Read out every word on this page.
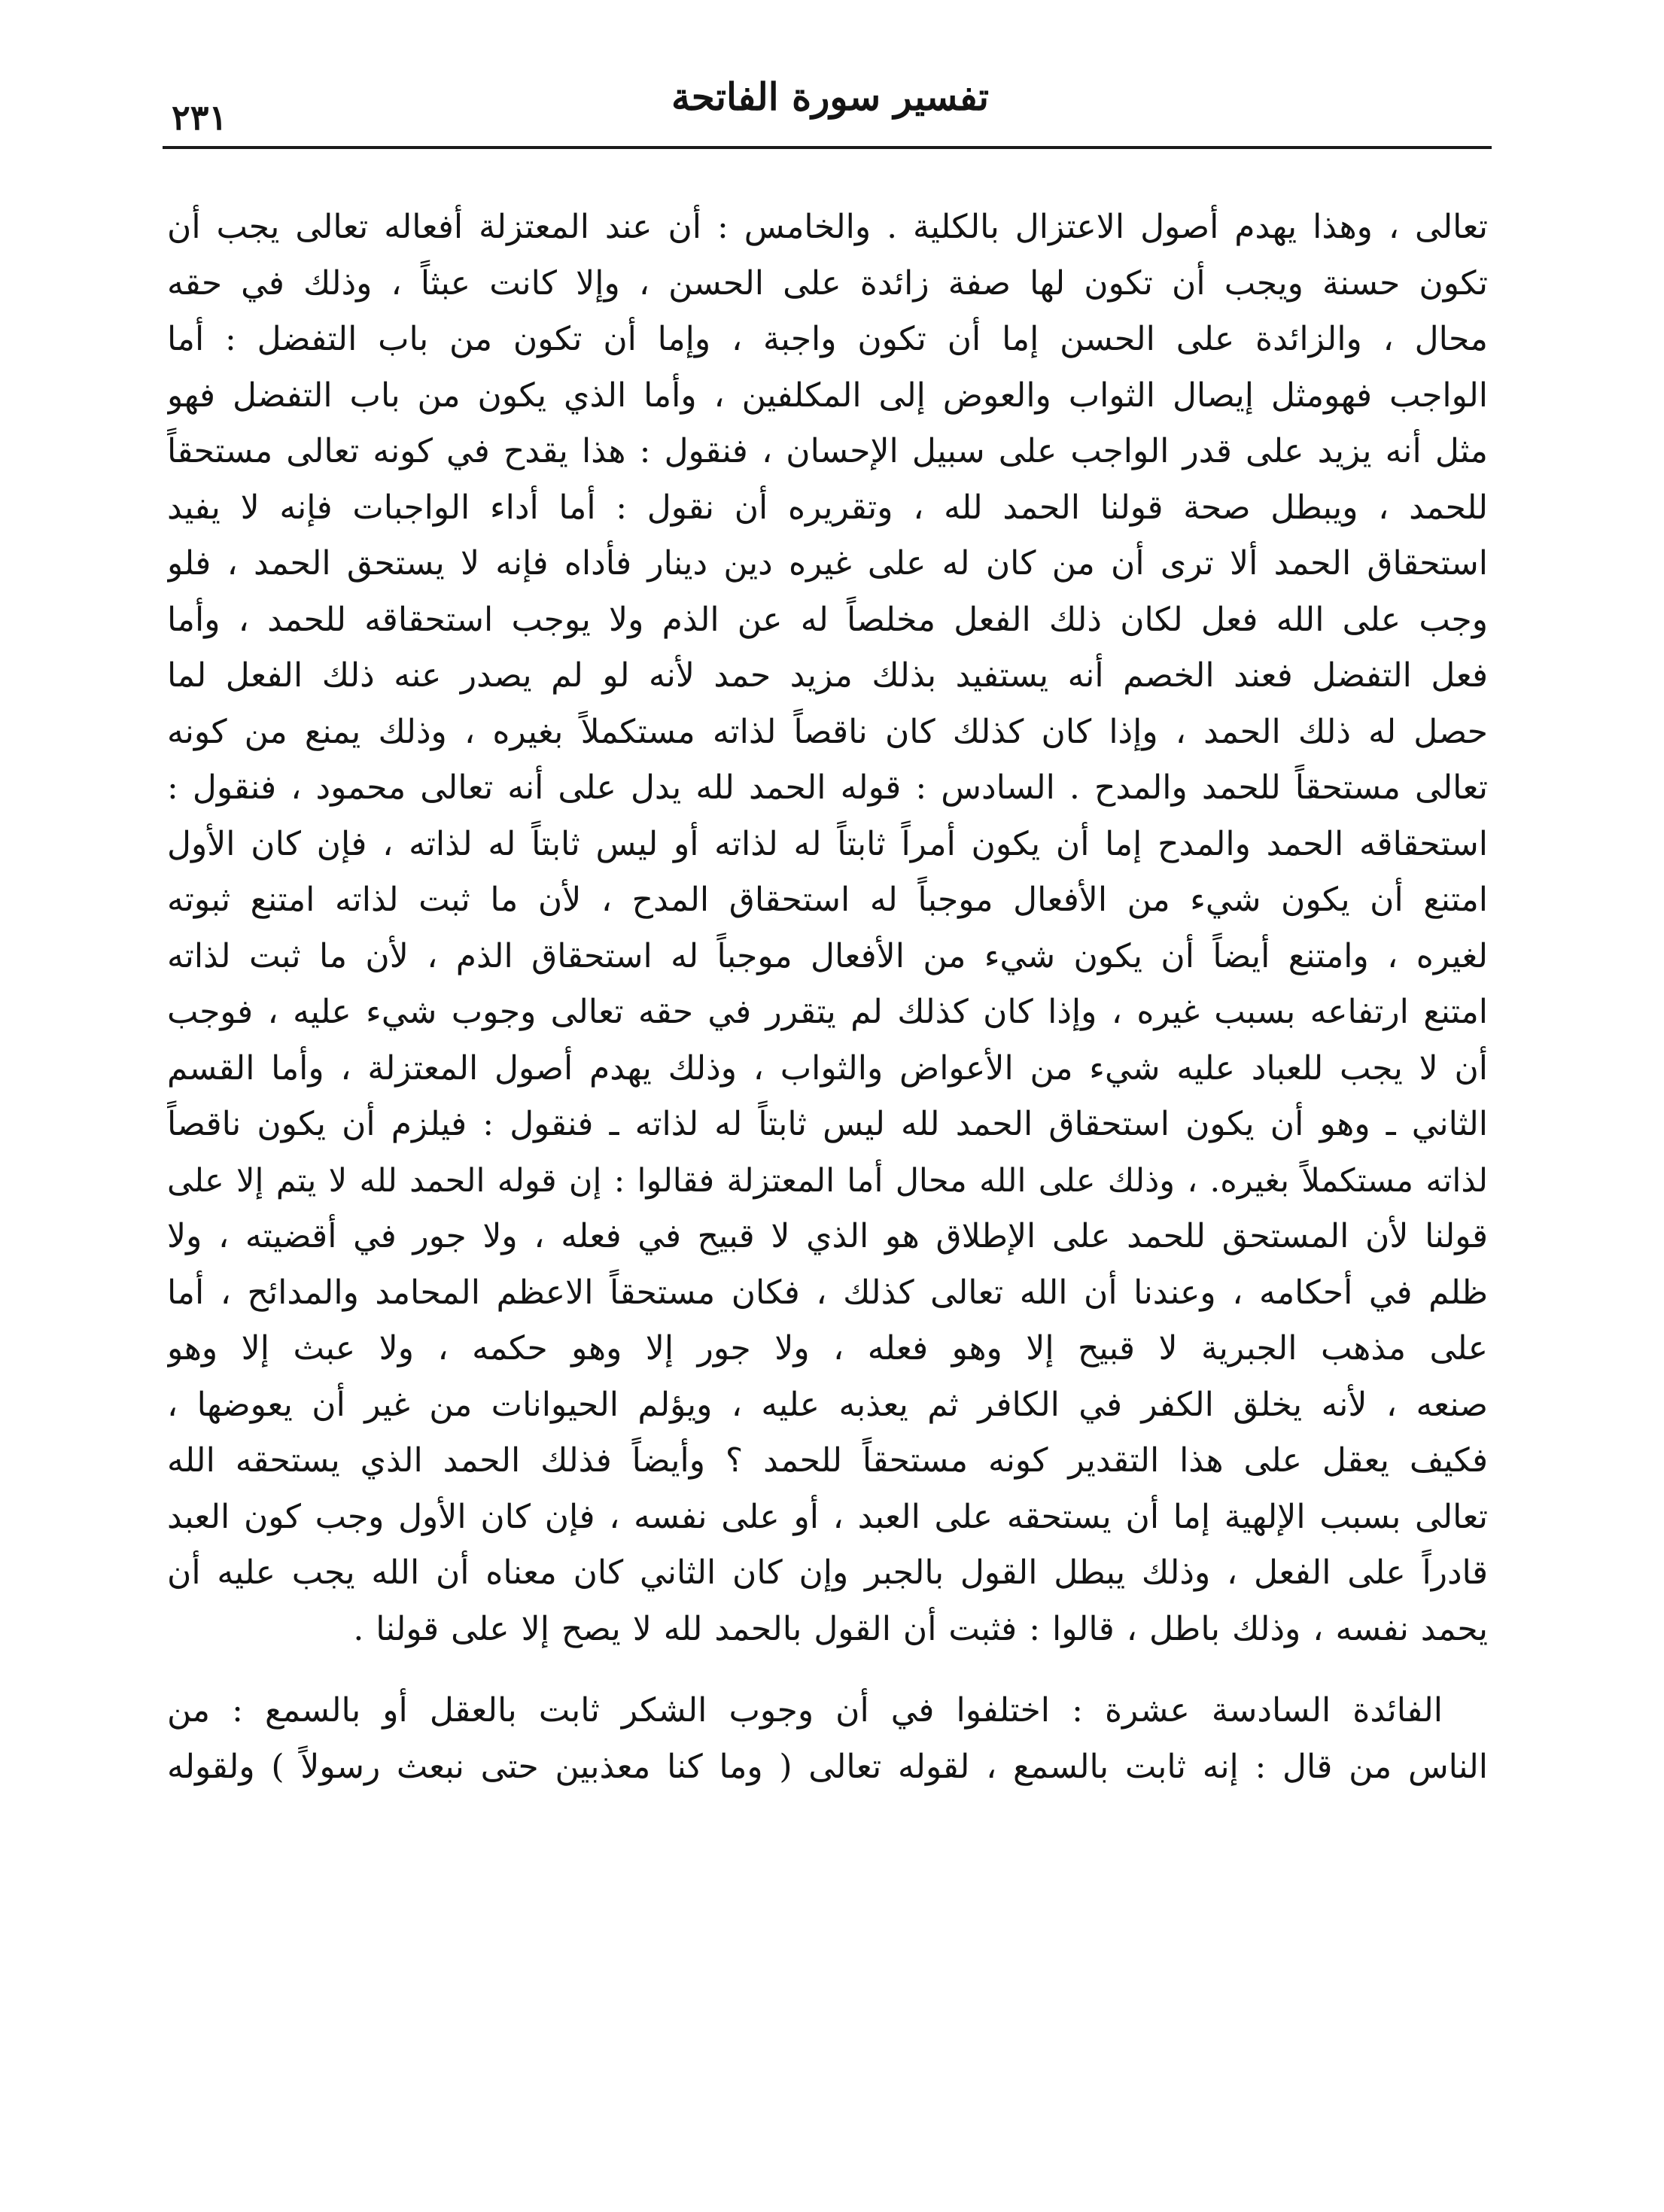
تفسير سورة الفاتحة
٢٣١
تعالى ، وهذا يهدم أصول الاعتزال بالكلية . والخامس : أن عند المعتزلة أفعاله تعالى يجب أن
تكون حسنة ويجب أن تكون لها صفة زائدة على الحسن ، وإلا كانت عبثاً ، وذلك في حقه
محال ، والزائدة على الحسن إما أن تكون واجبة ، وإما أن تكون من باب التفضل : أما
الواجب فهومثل إيصال الثواب والعوض إلى المكلفين ، وأما الذي يكون من باب التفضل فهو
مثل أنه يزيد على قدر الواجب على سبيل الإحسان ، فنقول : هذا يقدح في كونه تعالى مستحقاً
للحمد ، ويبطل صحة قولنا الحمد لله ، وتقريره أن نقول : أما أداء الواجبات فإنه لا يفيد
استحقاق الحمد ألا ترى أن من كان له على غيره دين دينار فأداه فإنه لا يستحق الحمد ، فلو
وجب على الله فعل لكان ذلك الفعل مخلصاً له عن الذم ولا يوجب استحقاقه للحمد ، وأما
فعل التفضل فعند الخصم أنه يستفيد بذلك مزيد حمد لأنه لو لم يصدر عنه ذلك الفعل لما
حصل له ذلك الحمد ، وإذا كان كذلك كان ناقصاً لذاته مستكملاً بغيره ، وذلك يمنع من كونه
تعالى مستحقاً للحمد والمدح . السادس : قوله الحمد لله يدل على أنه تعالى محمود ، فنقول :
استحقاقه الحمد والمدح إما أن يكون أمراً ثابتاً له لذاته أو ليس ثابتاً له لذاته ، فإن كان الأول
امتنع أن يكون شيء من الأفعال موجباً له استحقاق المدح ، لأن ما ثبت لذاته امتنع ثبوته
لغيره ، وامتنع أيضاً أن يكون شيء من الأفعال موجباً له استحقاق الذم ، لأن ما ثبت لذاته
امتنع ارتفاعه بسبب غيره ، وإذا كان كذلك لم يتقرر في حقه تعالى وجوب شيء عليه ، فوجب
أن لا يجب للعباد عليه شيء من الأعواض والثواب ، وذلك يهدم أصول المعتزلة ، وأما القسم
الثاني ـ وهو أن يكون استحقاق الحمد لله ليس ثابتاً له لذاته ـ فنقول : فيلزم أن يكون ناقصاً
لذاته مستكملاً بغيره. ، وذلك على الله محال أما المعتزلة فقالوا : إن قوله الحمد لله لا يتم إلا على
قولنا لأن المستحق للحمد على الإطلاق هو الذي لا قبيح في فعله ، ولا جور في أقضيته ، ولا
ظلم في أحكامه ، وعندنا أن الله تعالى كذلك ، فكان مستحقاً الاعظم المحامد والمدائح ، أما
على مذهب الجبرية لا قبيح إلا وهو فعله ، ولا جور إلا وهو حكمه ، ولا عبث إلا وهو
صنعه ، لأنه يخلق الكفر في الكافر ثم يعذبه عليه ، ويؤلم الحيوانات من غير أن يعوضها ،
فكيف يعقل على هذا التقدير كونه مستحقاً للحمد ؟ وأيضاً فذلك الحمد الذي يستحقه الله
تعالى بسبب الإلهية إما أن يستحقه على العبد ، أو على نفسه ، فإن كان الأول وجب كون العبد
قادراً على الفعل ، وذلك يبطل القول بالجبر وإن كان الثاني كان معناه أن الله يجب عليه أن
يحمد نفسه ، وذلك باطل ، قالوا : فثبت أن القول بالحمد لله لا يصح إلا على قولنا .
الفائدة السادسة عشرة : اختلفوا في أن وجوب الشكر ثابت بالعقل أو بالسمع : من
الناس من قال : إنه ثابت بالسمع ، لقوله تعالى ( وما كنا معذبين حتى نبعث رسولاً ) ولقوله
